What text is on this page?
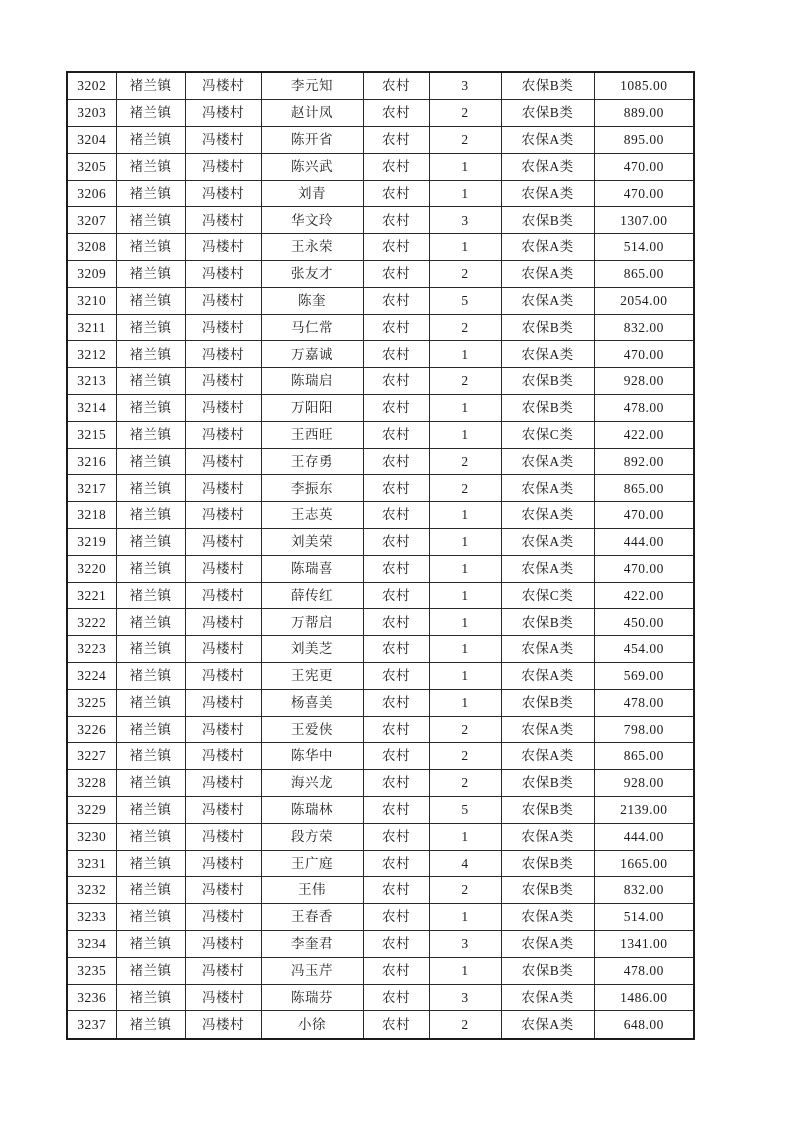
3202	褚兰镇	冯楼村	李元知	农村	3	农保B类	1085.00
3203	褚兰镇	冯楼村	赵计凤	农村	2	农保B类	889.00
3204	褚兰镇	冯楼村	陈开省	农村	2	农保A类	895.00
3205	褚兰镇	冯楼村	陈兴武	农村	1	农保A类	470.00
3206	褚兰镇	冯楼村	刘青	农村	1	农保A类	470.00
3207	褚兰镇	冯楼村	华文玲	农村	3	农保B类	1307.00
3208	褚兰镇	冯楼村	王永荣	农村	1	农保A类	514.00
3209	褚兰镇	冯楼村	张友才	农村	2	农保A类	865.00
3210	褚兰镇	冯楼村	陈奎	农村	5	农保A类	2054.00
3211	褚兰镇	冯楼村	马仁常	农村	2	农保B类	832.00
3212	褚兰镇	冯楼村	万嘉诚	农村	1	农保A类	470.00
3213	褚兰镇	冯楼村	陈瑞启	农村	2	农保B类	928.00
3214	褚兰镇	冯楼村	万阳阳	农村	1	农保B类	478.00
3215	褚兰镇	冯楼村	王西旺	农村	1	农保C类	422.00
3216	褚兰镇	冯楼村	王存勇	农村	2	农保A类	892.00
3217	褚兰镇	冯楼村	李振东	农村	2	农保A类	865.00
3218	褚兰镇	冯楼村	王志英	农村	1	农保A类	470.00
3219	褚兰镇	冯楼村	刘美荣	农村	1	农保A类	444.00
3220	褚兰镇	冯楼村	陈瑞喜	农村	1	农保A类	470.00
3221	褚兰镇	冯楼村	薛传红	农村	1	农保C类	422.00
3222	褚兰镇	冯楼村	万帮启	农村	1	农保B类	450.00
3223	褚兰镇	冯楼村	刘美芝	农村	1	农保A类	454.00
3224	褚兰镇	冯楼村	王宪更	农村	1	农保A类	569.00
3225	褚兰镇	冯楼村	杨喜美	农村	1	农保B类	478.00
3226	褚兰镇	冯楼村	王爱侠	农村	2	农保A类	798.00
3227	褚兰镇	冯楼村	陈华中	农村	2	农保A类	865.00
3228	褚兰镇	冯楼村	海兴龙	农村	2	农保B类	928.00
3229	褚兰镇	冯楼村	陈瑞林	农村	5	农保B类	2139.00
3230	褚兰镇	冯楼村	段方荣	农村	1	农保A类	444.00
3231	褚兰镇	冯楼村	王广庭	农村	4	农保B类	1665.00
3232	褚兰镇	冯楼村	王伟	农村	2	农保B类	832.00
3233	褚兰镇	冯楼村	王春香	农村	1	农保A类	514.00
3234	褚兰镇	冯楼村	李奎君	农村	3	农保A类	1341.00
3235	褚兰镇	冯楼村	冯玉芹	农村	1	农保B类	478.00
3236	褚兰镇	冯楼村	陈瑞芬	农村	3	农保A类	1486.00
3237	褚兰镇	冯楼村	小徐	农村	2	农保A类	648.00
